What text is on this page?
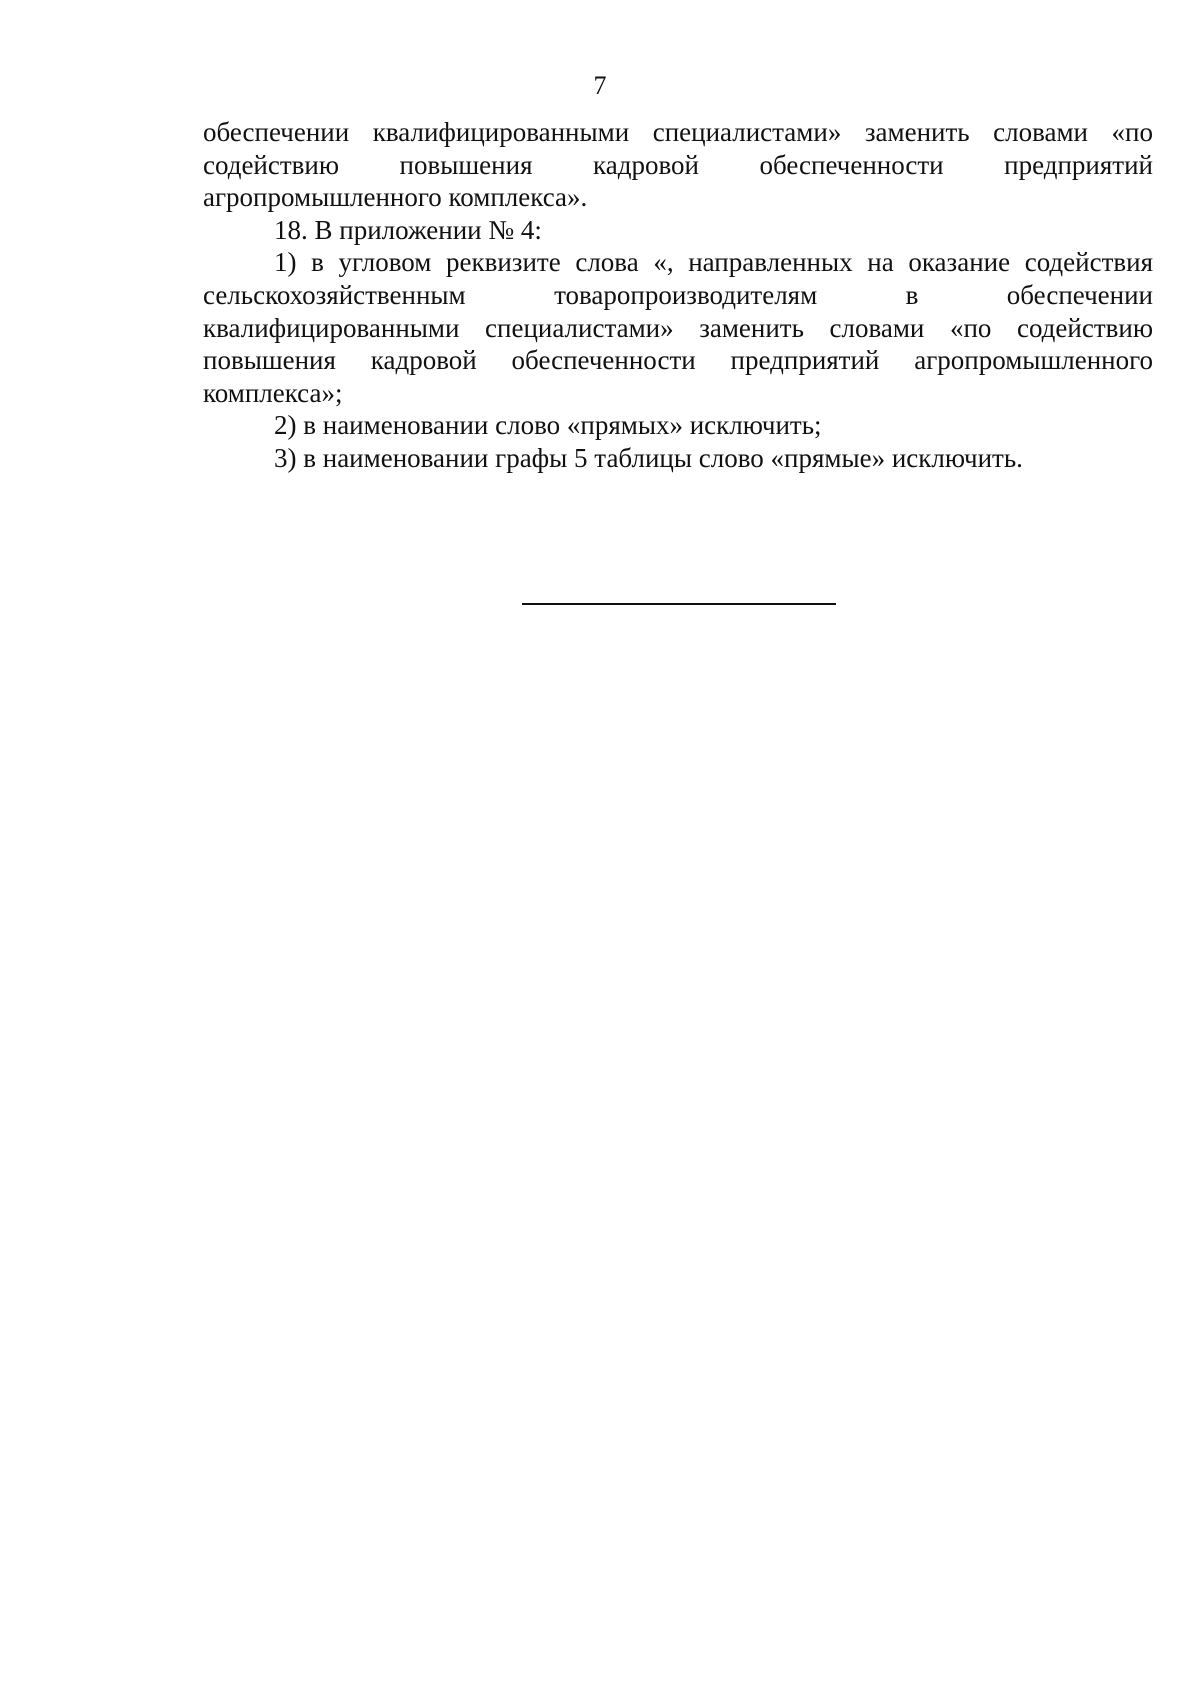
7

обеспечении квалифицированными специалистами» заменить словами «по содействию повышения кадровой обеспеченности предприятий агропромышленного комплекса».

18. В приложении № 4:

1) в угловом реквизите слова «, направленных на оказание содействия сельскохозяйственным товаропроизводителям в обеспечении квалифицированными специалистами» заменить словами «по содействию повышения кадровой обеспеченности предприятий агропромышленного комплекса»;

2) в наименовании слово «прямых» исключить;

3) в наименовании графы 5 таблицы слово «прямые» исключить.
